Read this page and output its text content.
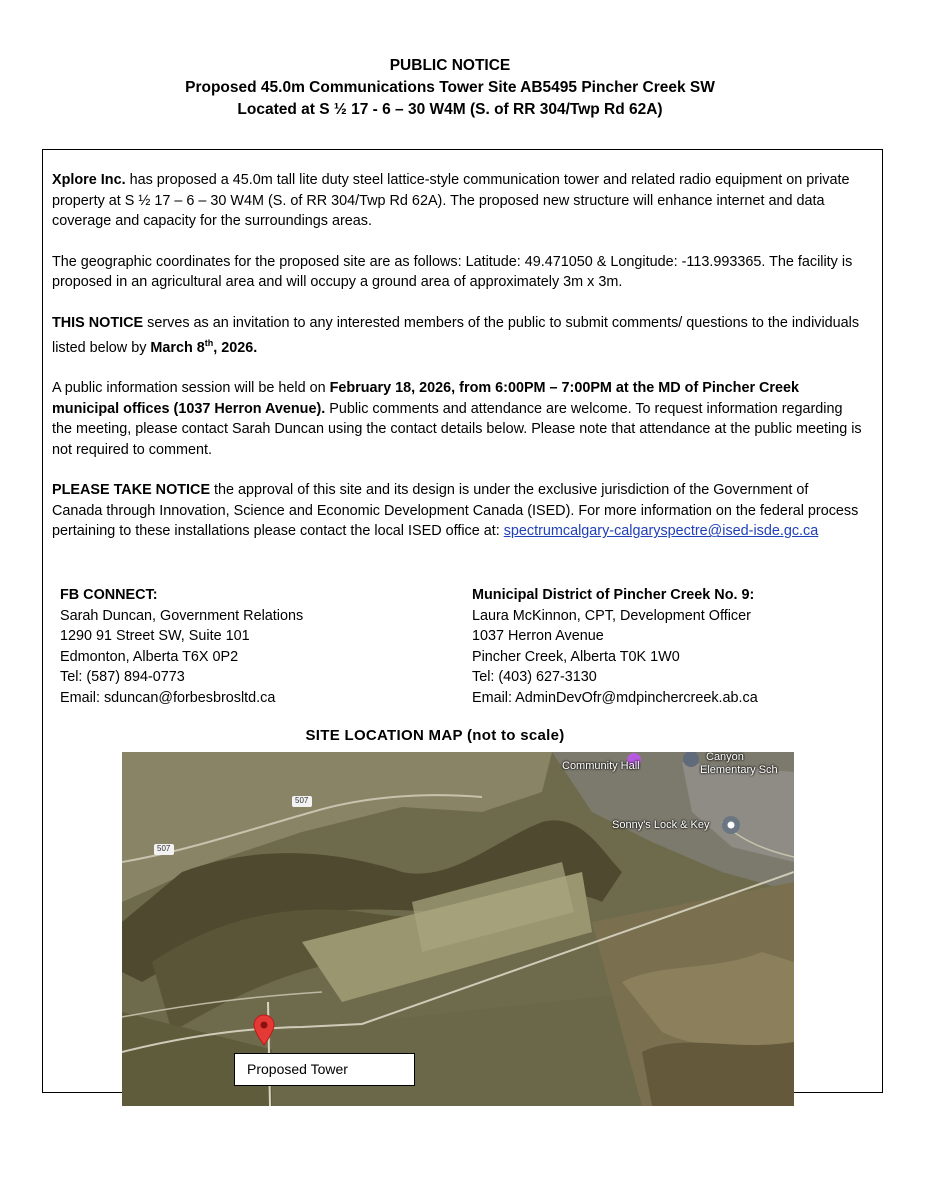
PUBLIC NOTICE
Proposed 45.0m Communications Tower Site AB5495 Pincher Creek SW
Located at S ½ 17 - 6 – 30 W4M (S. of RR 304/Twp Rd 62A)

Xplore Inc. has proposed a 45.0m tall lite duty steel lattice-style communication tower and related radio equipment on private property at S ½ 17 – 6 – 30 W4M (S. of RR 304/Twp Rd 62A). The proposed new structure will enhance internet and data coverage and capacity for the surroundings areas.

The geographic coordinates for the proposed site are as follows: Latitude: 49.471050 & Longitude: -113.993365. The facility is proposed in an agricultural area and will occupy a ground area of approximately 3m x 3m.

THIS NOTICE serves as an invitation to any interested members of the public to submit comments/ questions to the individuals listed below by March 8th, 2026.

A public information session will be held on February 18, 2026, from 6:00PM – 7:00PM at the MD of Pincher Creek municipal offices (1037 Herron Avenue). Public comments and attendance are welcome. To request information regarding the meeting, please contact Sarah Duncan using the contact details below. Please note that attendance at the public meeting is not required to comment.

PLEASE TAKE NOTICE the approval of this site and its design is under the exclusive jurisdiction of the Government of Canada through Innovation, Science and Economic Development Canada (ISED). For more information on the federal process pertaining to these installations please contact the local ISED office at: spectrumcalgary-calgaryspectre@ised-isde.gc.ca

FB CONNECT:
Sarah Duncan, Government Relations
1290 91 Street SW, Suite 101
Edmonton, Alberta T6X 0P2
Tel: (587) 894-0773
Email: sduncan@forbesbrosltd.ca
Municipal District of Pincher Creek No. 9:
Laura McKinnon, CPT, Development Officer
1037 Herron Avenue
Pincher Creek, Alberta T0K 1W0
Tel: (403) 627-3130
Email: AdminDevOfr@mdpinchercreek.ab.ca
SITE LOCATION MAP (not to scale)
507
507
Community Hall
Canyon
Elementary Sch
Sonny's Lock & Key
Proposed Tower
